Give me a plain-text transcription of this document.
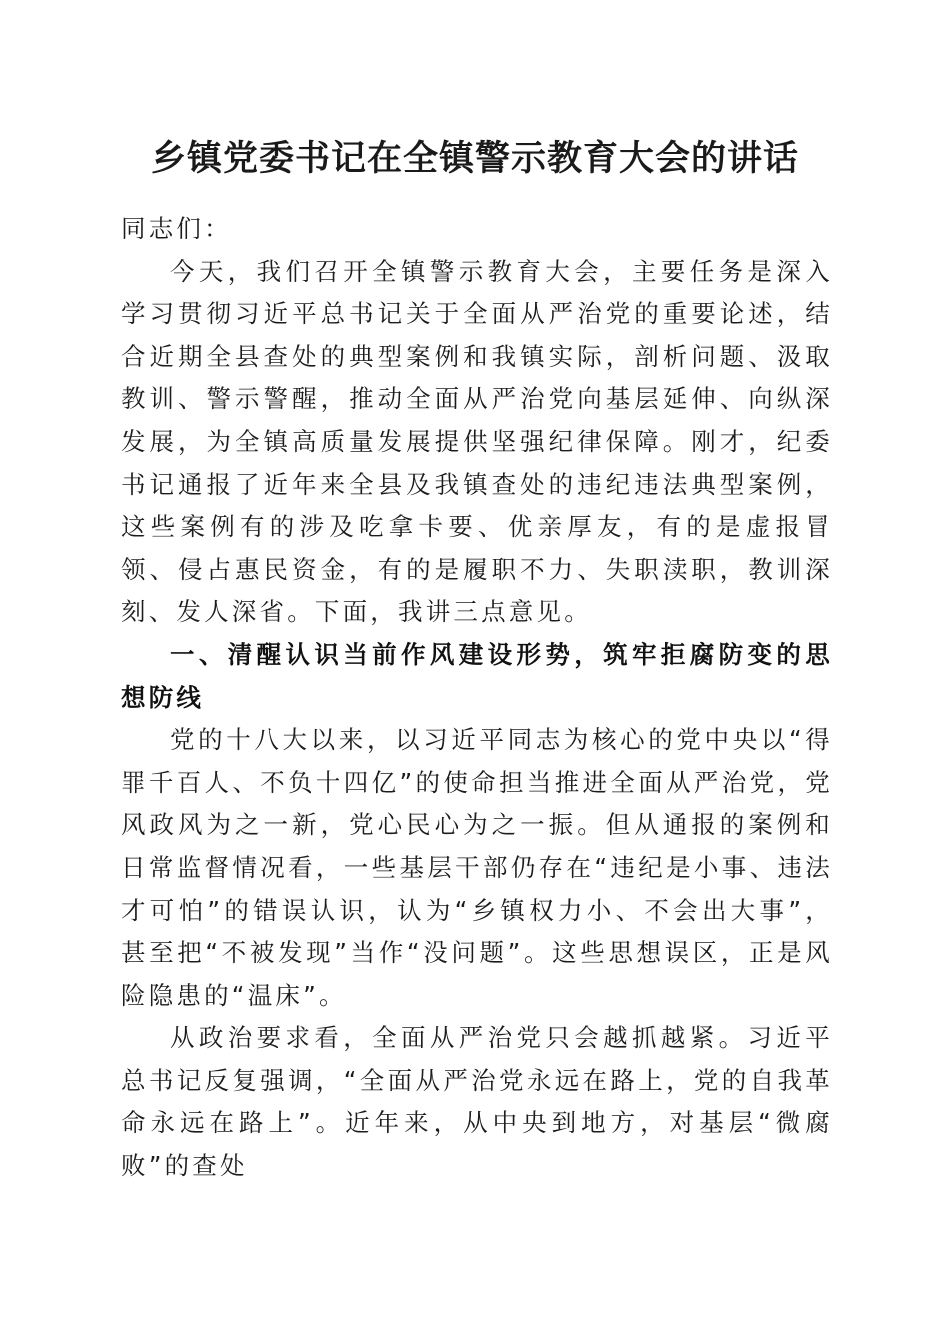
乡镇党委书记在全镇警示教育大会的讲话

同志们：

今天，我们召开全镇警示教育大会，主要任务是深入学习贯彻习近平总书记关于全面从严治党的重要论述，结合近期全县查处的典型案例和我镇实际，剖析问题、汲取教训、警示警醒，推动全面从严治党向基层延伸、向纵深发展，为全镇高质量发展提供坚强纪律保障。刚才，纪委书记通报了近年来全县及我镇查处的违纪违法典型案例，这些案例有的涉及吃拿卡要、优亲厚友，有的是虚报冒领、侵占惠民资金，有的是履职不力、失职渎职，教训深刻、发人深省。下面，我讲三点意见。

一、清醒认识当前作风建设形势，筑牢拒腐防变的思想防线

党的十八大以来，以习近平同志为核心的党中央以“得罪千百人、不负十四亿”的使命担当推进全面从严治党，党风政风为之一新，党心民心为之一振。但从通报的案例和日常监督情况看，一些基层干部仍存在“违纪是小事、违法才可怕”的错误认识，认为“乡镇权力小、不会出大事”，甚至把“不被发现”当作“没问题”。这些思想误区，正是风险隐患的“温床”。

从政治要求看，全面从严治党只会越抓越紧。习近平总书记反复强调，“全面从严治党永远在路上，党的自我革命永远在路上”。近年来，从中央到地方，对基层“微腐败”的查处
